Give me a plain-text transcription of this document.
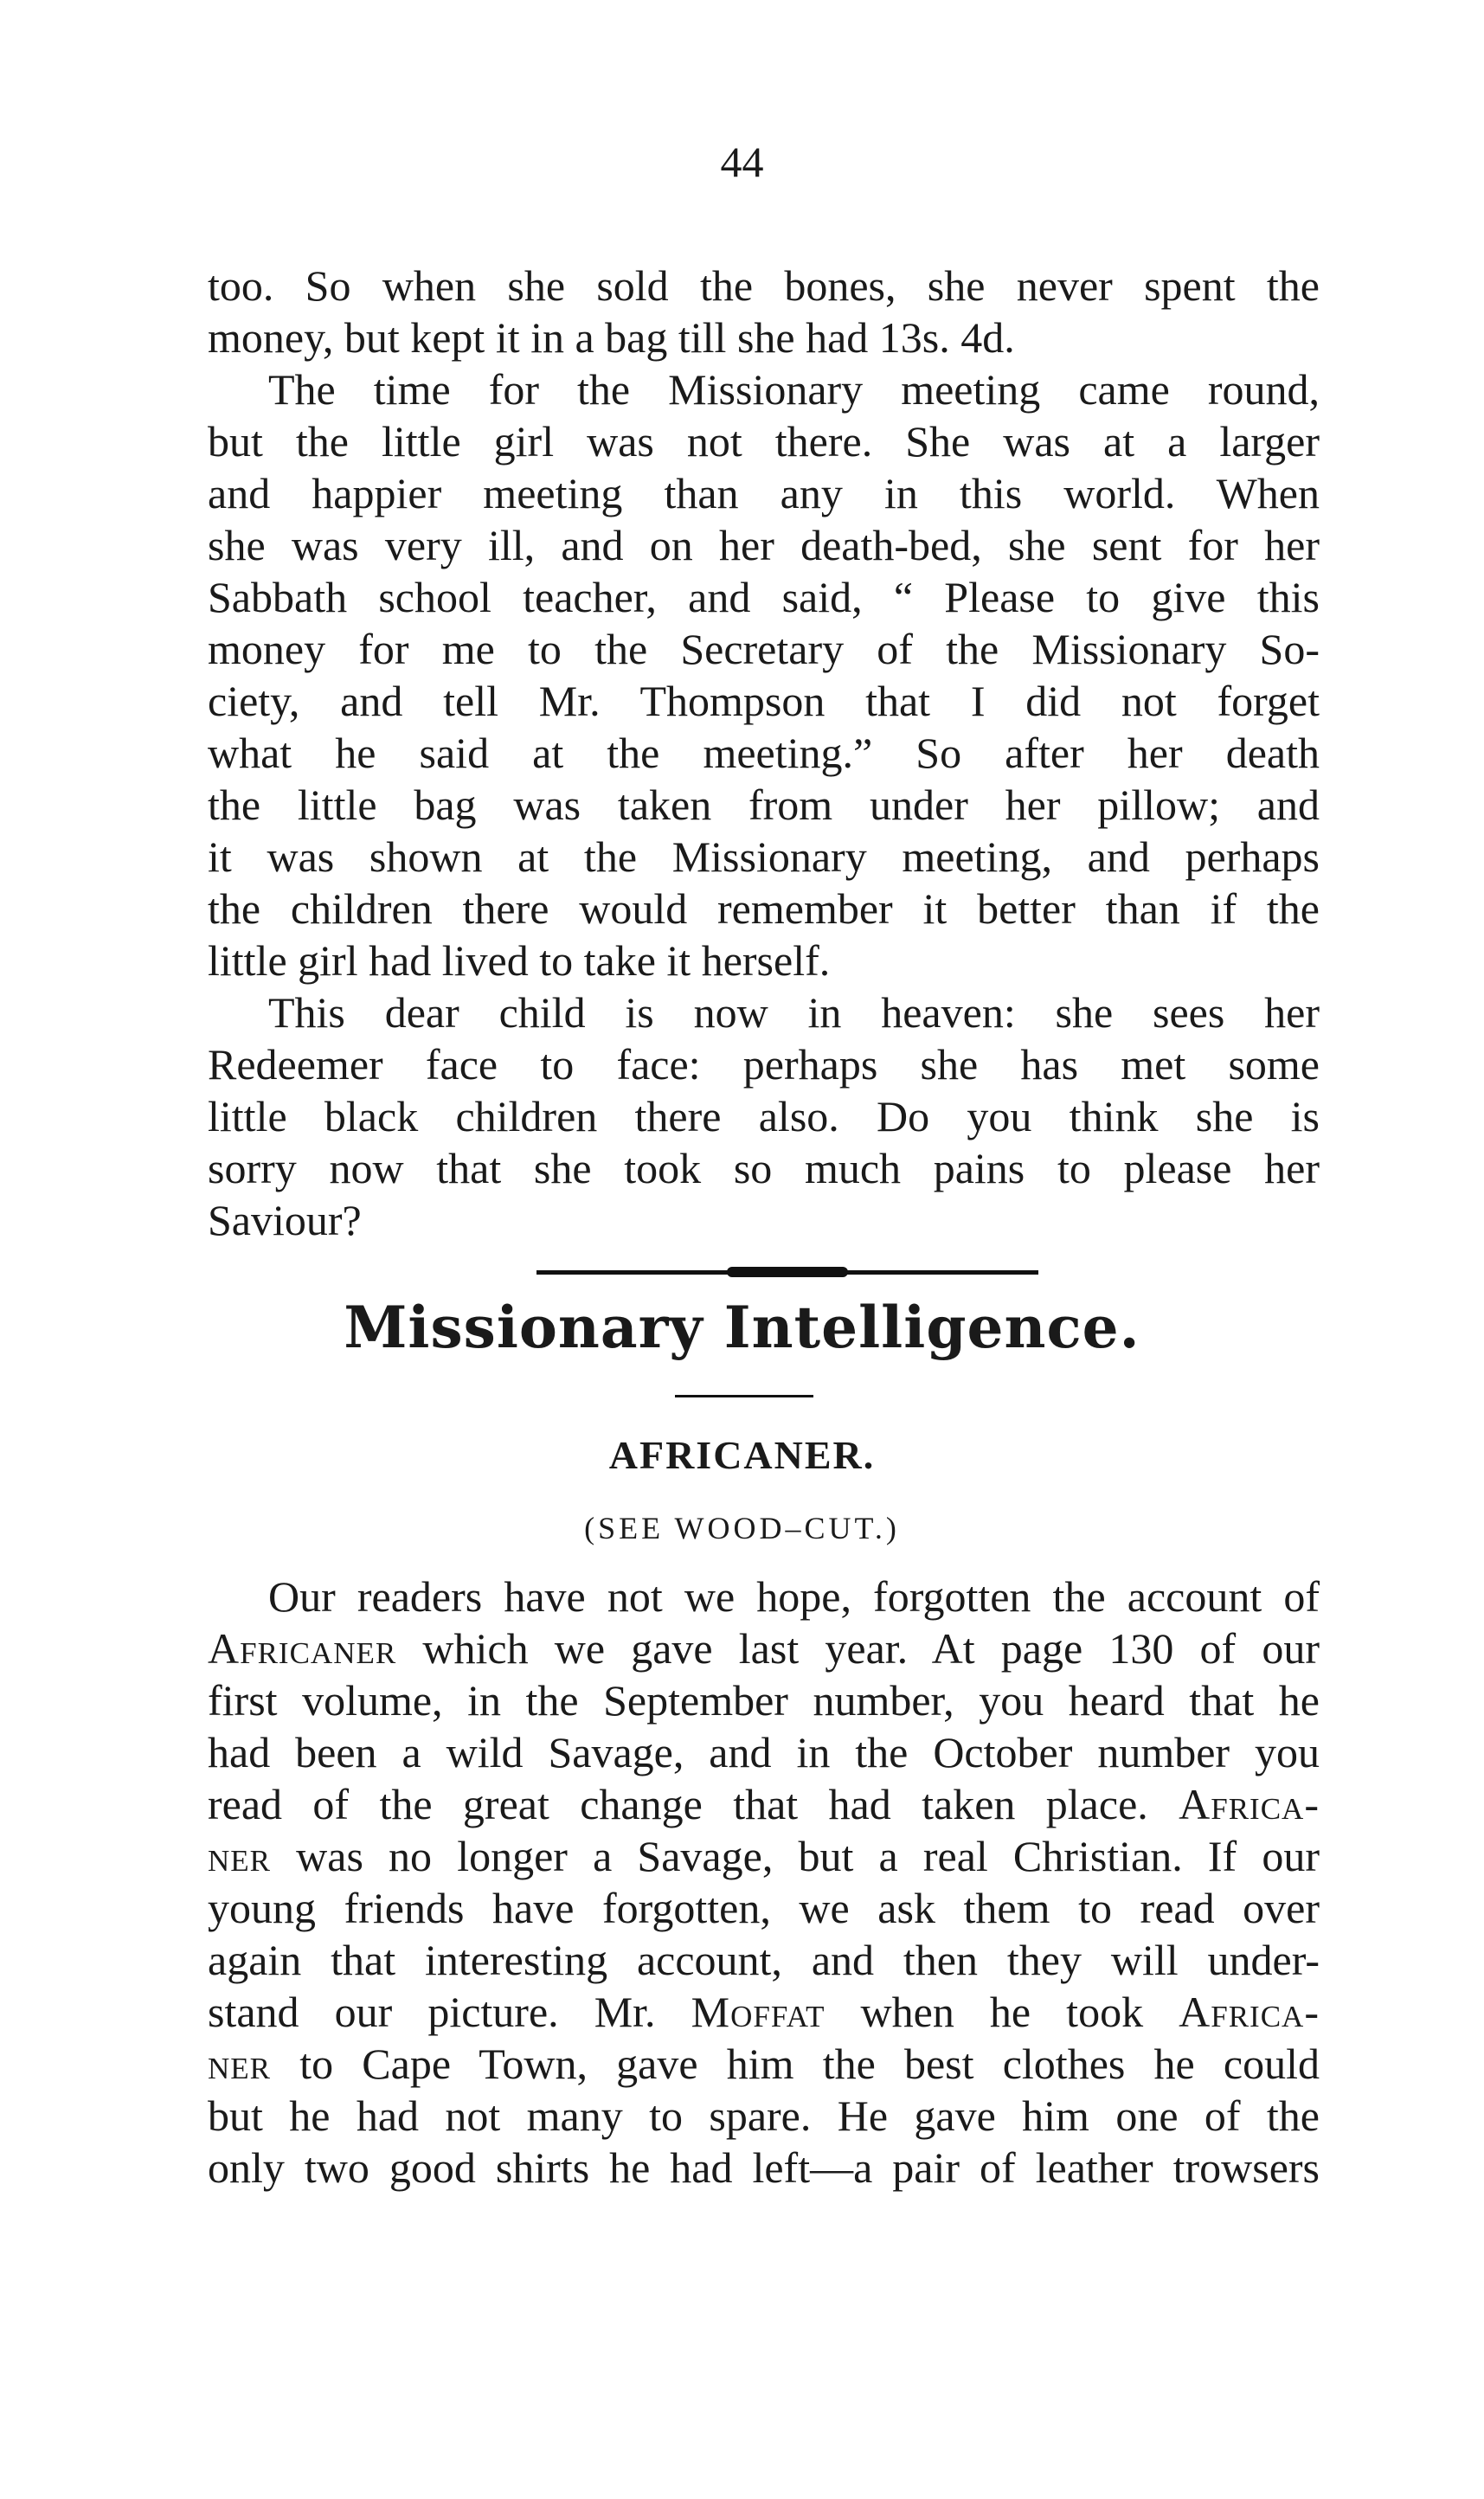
44
too. So when she sold the bones, she never spent the
money, but kept it in a bag till she had 13s. 4d.
The time for the Missionary meeting came round,
but the little girl was not there. She was at a larger
and happier meeting than any in this world. When
she was very ill, and on her death-bed, she sent for her
Sabbath school teacher, and said, “ Please to give this
money for me to the Secretary of the Missionary So-
ciety, and tell Mr. Thompson that I did not forget
what he said at the meeting.” So after her death
the little bag was taken from under her pillow; and
it was shown at the Missionary meeting, and perhaps
the children there would remember it better than if the
little girl had lived to take it herself.
This dear child is now in heaven: she sees her
Redeemer face to face: perhaps she has met some
little black children there also. Do you think she is
sorry now that she took so much pains to please her
Saviour?
Missionary Intelligence.
AFRICANER.
(SEE WOOD–CUT.)
Our readers have not we hope, forgotten the account of
Africaner which we gave last year. At page 130 of our
first volume, in the September number, you heard that he
had been a wild Savage, and in the October number you
read of the great change that had taken place. Africa-
ner was no longer a Savage, but a real Christian. If our
young friends have forgotten, we ask them to read over
again that interesting account, and then they will under-
stand our picture. Mr. Moffat when he took Africa-
ner to Cape Town, gave him the best clothes he could
but he had not many to spare. He gave him one of the
only two good shirts he had left—a pair of leather trowsers
